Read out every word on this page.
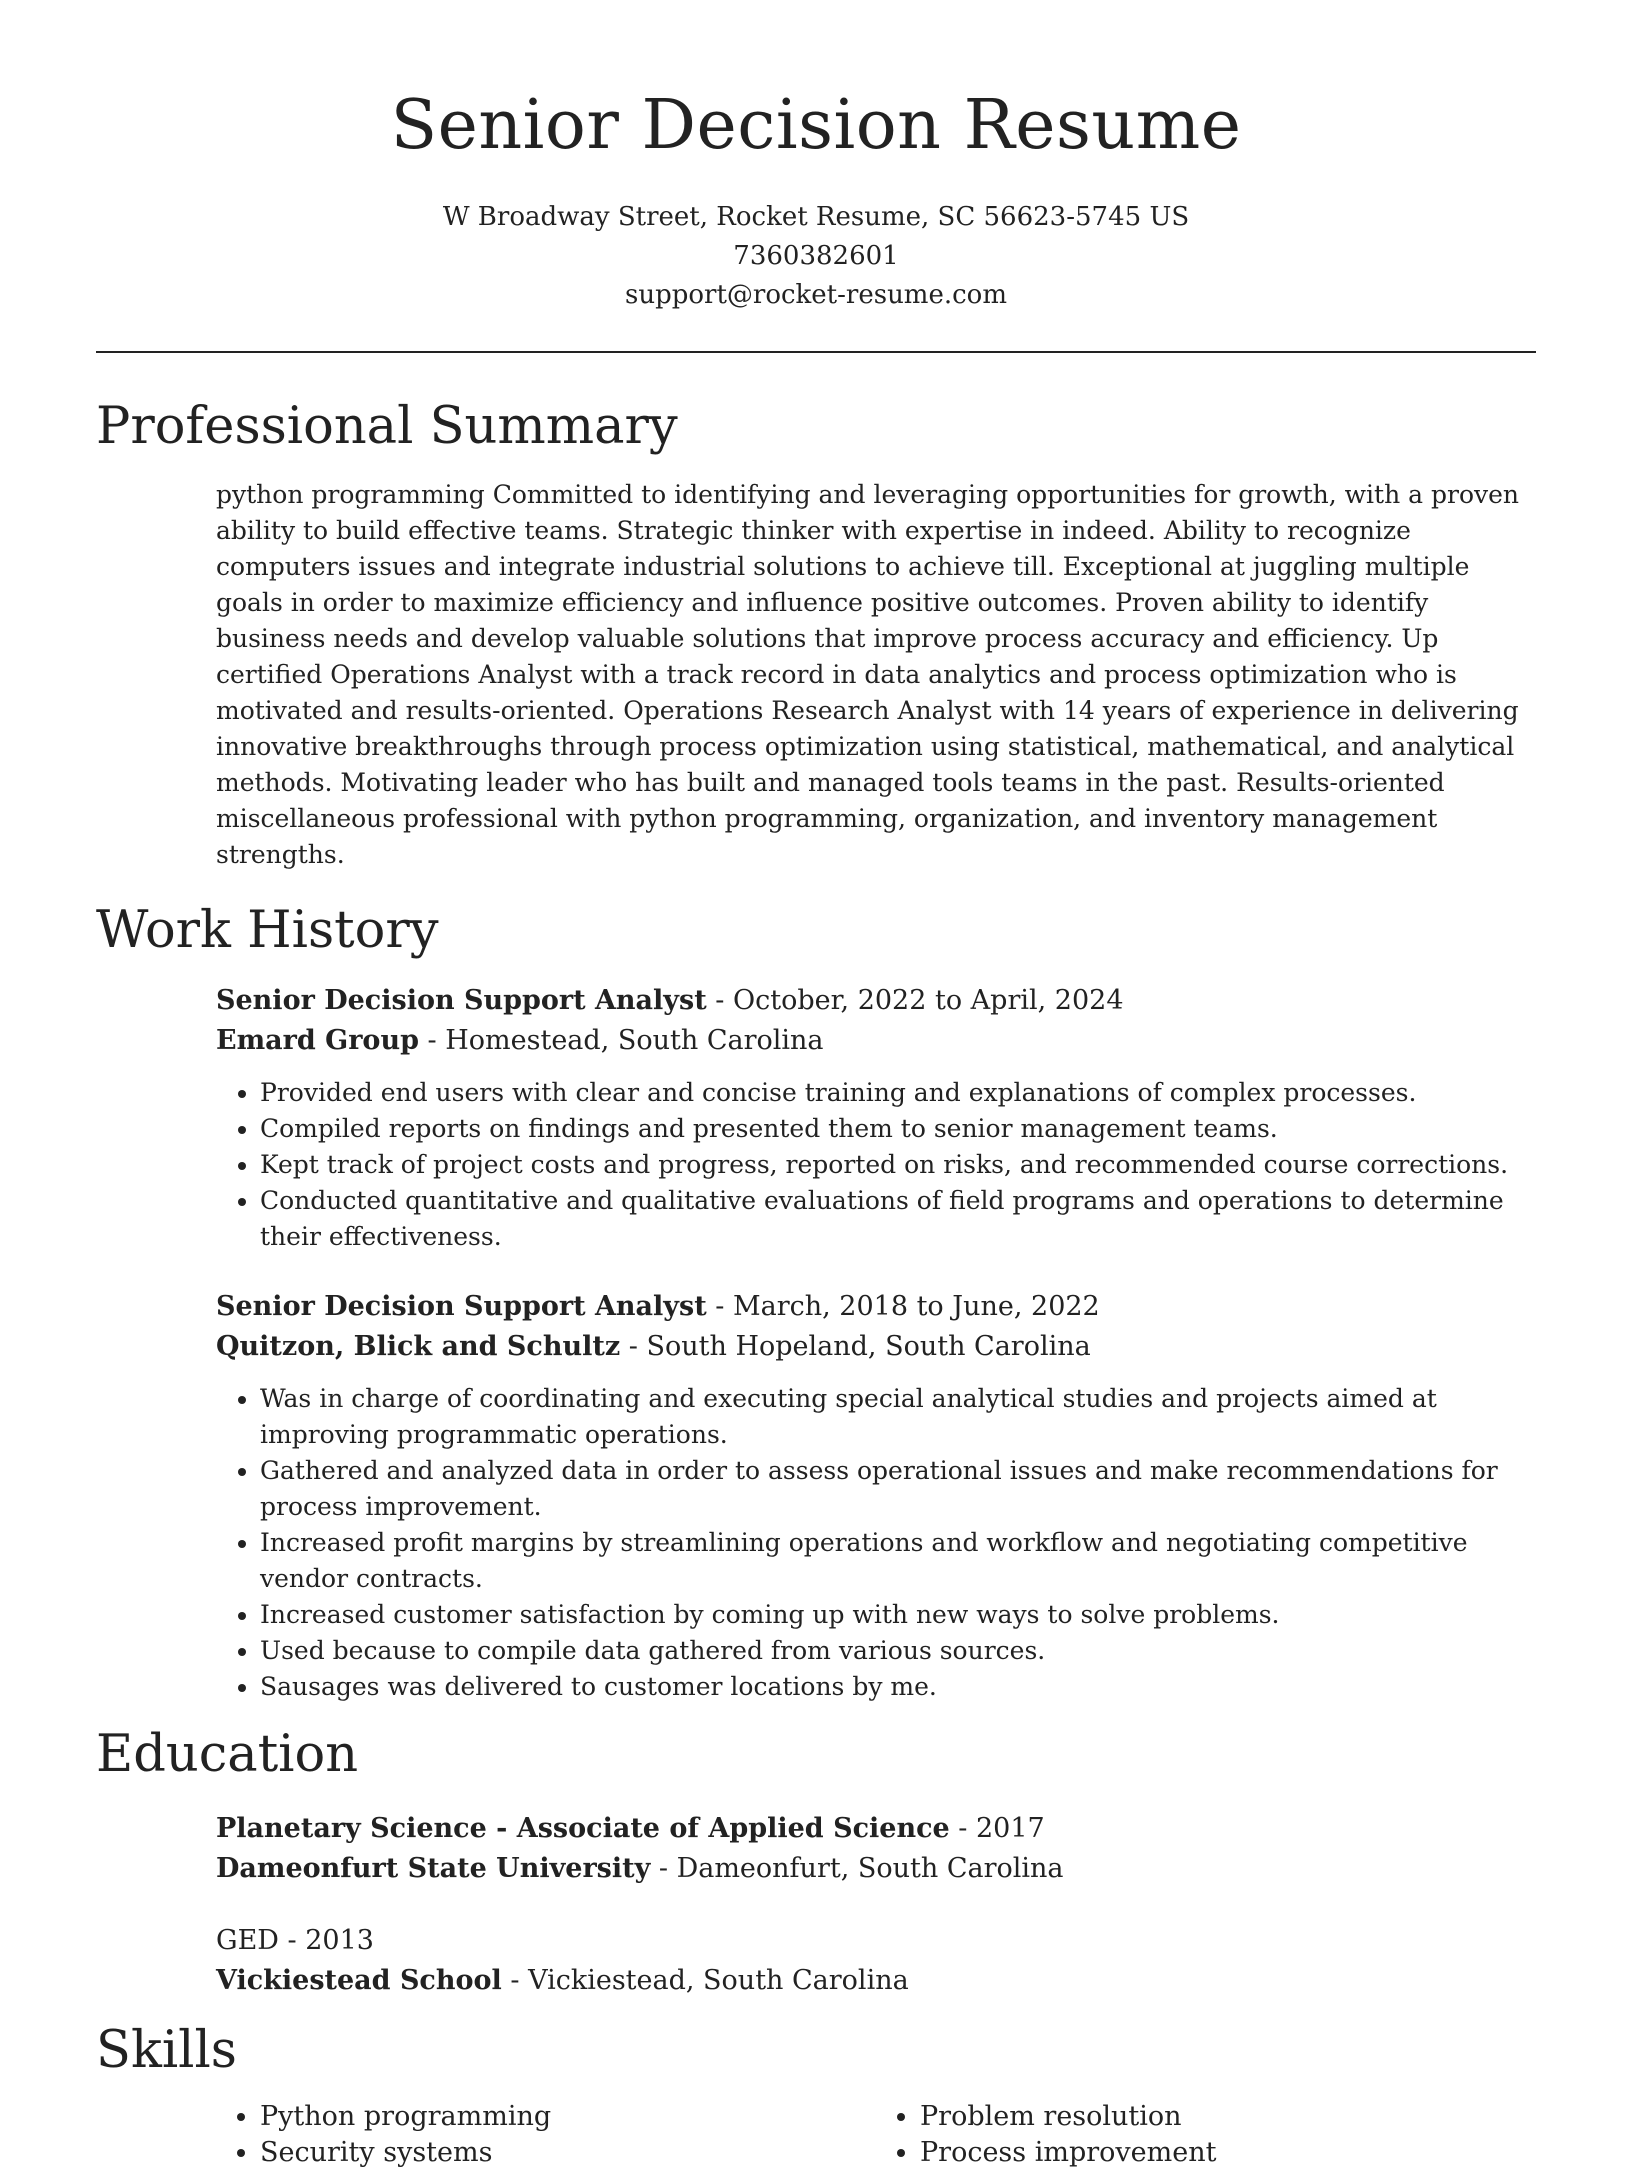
Senior Decision Resume
W Broadway Street, Rocket Resume, SC 56623-5745 US
7360382601
support@rocket-resume.com
Professional Summary

python programming Committed to identifying and leveraging opportunities for growth, with a proven ability to build effective teams. Strategic thinker with expertise in indeed. Ability to recognize computers issues and integrate industrial solutions to achieve till. Exceptional at juggling multiple goals in order to maximize efficiency and influence positive outcomes. Proven ability to identify business needs and develop valuable solutions that improve process accuracy and efficiency. Up certified Operations Analyst with a track record in data analytics and process optimization who is motivated and results-oriented. Operations Research Analyst with 14 years of experience in delivering innovative breakthroughs through process optimization using statistical, mathematical, and analytical methods. Motivating leader who has built and managed tools teams in the past. Results-oriented miscellaneous professional with python programming, organization, and inventory management strengths.

Work History
Senior Decision Support Analyst - October, 2022 to April, 2024
Emard Group - Homestead, South Carolina
• Provided end users with clear and concise training and explanations of complex processes.
• Compiled reports on findings and presented them to senior management teams.
• Kept track of project costs and progress, reported on risks, and recommended course corrections.
• Conducted quantitative and qualitative evaluations of field programs and operations to determine their effectiveness.
Senior Decision Support Analyst - March, 2018 to June, 2022
Quitzon, Blick and Schultz - South Hopeland, South Carolina
• Was in charge of coordinating and executing special analytical studies and projects aimed at improving programmatic operations.
• Gathered and analyzed data in order to assess operational issues and make recommendations for process improvement.
• Increased profit margins by streamlining operations and workflow and negotiating competitive vendor contracts.
• Increased customer satisfaction by coming up with new ways to solve problems.
• Used because to compile data gathered from various sources.
• Sausages was delivered to customer locations by me.
Education
Planetary Science - Associate of Applied Science - 2017
Dameonfurt State University - Dameonfurt, South Carolina
GED - 2013
Vickiestead School - Vickiestead, South Carolina
Skills
• Python programming
• Security systems
• Problem resolution
• Process improvement
